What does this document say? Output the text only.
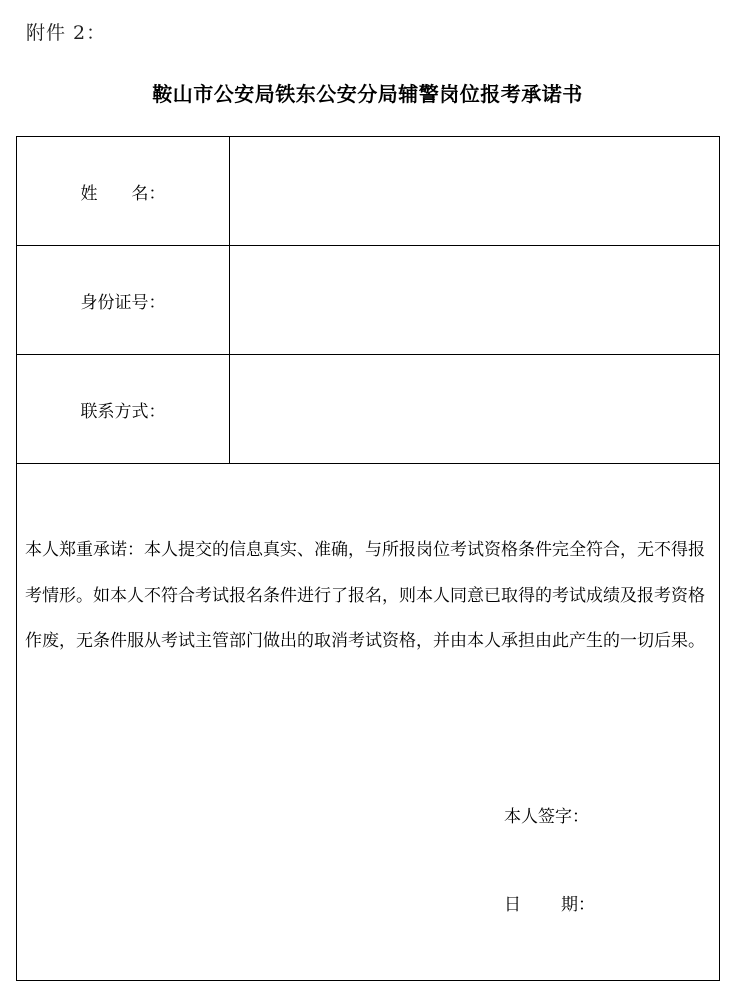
附件 2：
鞍山市公安局铁东公安分局辅警岗位报考承诺书
姓 名：
身份证号：
联系方式：

本人郑重承诺：本人提交的信息真实、准确，与所报岗位考试资格条件完全符合，无不得报考情形。如本人不符合考试报名条件进行了报名，则本人同意已取得的考试成绩及报考资格作废，无条件服从考试主管部门做出的取消考试资格，并由本人承担由此产生的一切后果。

本人签字：
日 期：
